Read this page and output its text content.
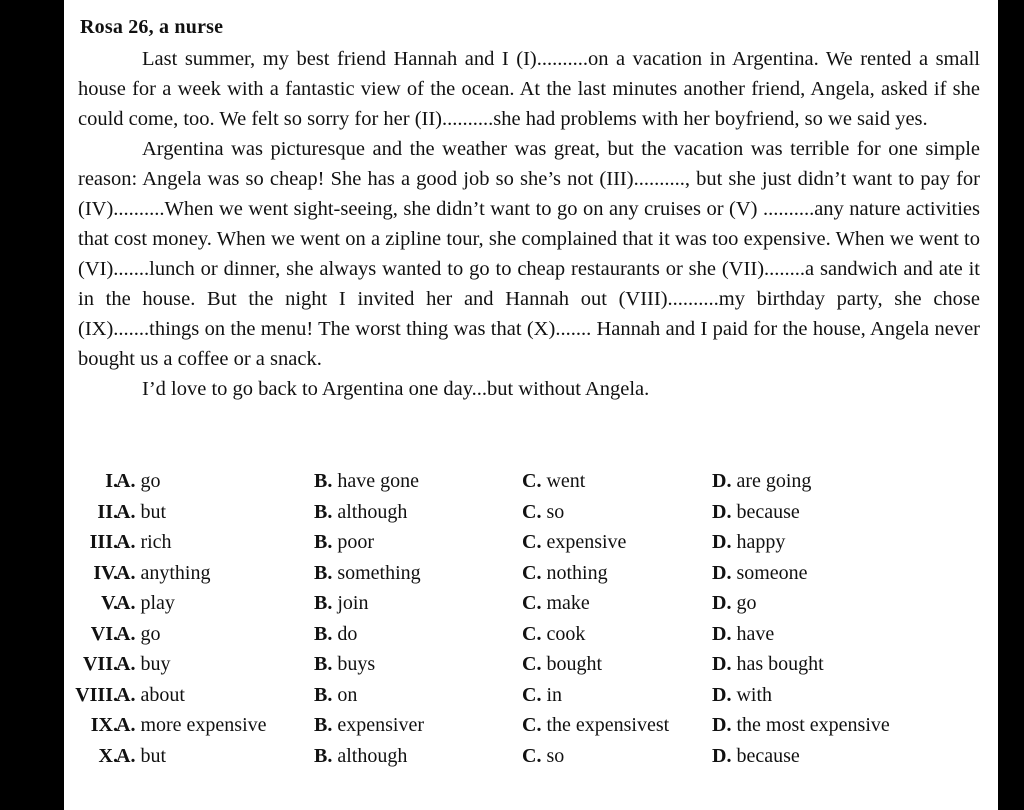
Rosa 26, a nurse

Last summer, my best friend Hannah and I (I)..........on a vacation in Argentina. We rented a small house for a week with a fantastic view of the ocean. At the last minutes another friend, Angela, asked if she could come, too. We felt so sorry for her (II)..........she had problems with her boyfriend, so we said yes.

Argentina was picturesque and the weather was great, but the vacation was terrible for one simple reason: Angela was so cheap! She has a good job so she’s not (III).........., but she just didn’t want to pay for (IV)..........When we went sight-seeing, she didn’t want to go on any cruises or (V) ..........any nature activities that cost money. When we went on a zipline tour, she complained that it was too expensive. When we went to (VI).......lunch or dinner, she always wanted to go to cheap restaurants or she (VII)........a sandwich and ate it in the house. But the night I invited her and Hannah out (VIII)..........my birthday party, she chose (IX).......things on the menu! The worst thing was that (X)....... Hannah and I paid for the house, Angela never bought us a coffee or a snack.

I’d love to go back to Argentina one day...but without Angela.

I.
A. go	B. have gone	C. went	D. are going
II.
A. but	B. although	C. so	D. because
III.
A. rich	B. poor	C. expensive	D. happy
IV.
A. anything	B. something	C. nothing	D. someone
V.
A. play	B. join	C. make	D. go
VI.
A. go	B. do	C. cook	D. have
VII.
A. buy	B. buys	C. bought	D. has bought
VIII.
A. about	B. on	C. in	D. with
IX.
A. more expensive B. expensiver	C. the expensivest D. the most expensive
X.
A. but	B. although	C. so	D. because
